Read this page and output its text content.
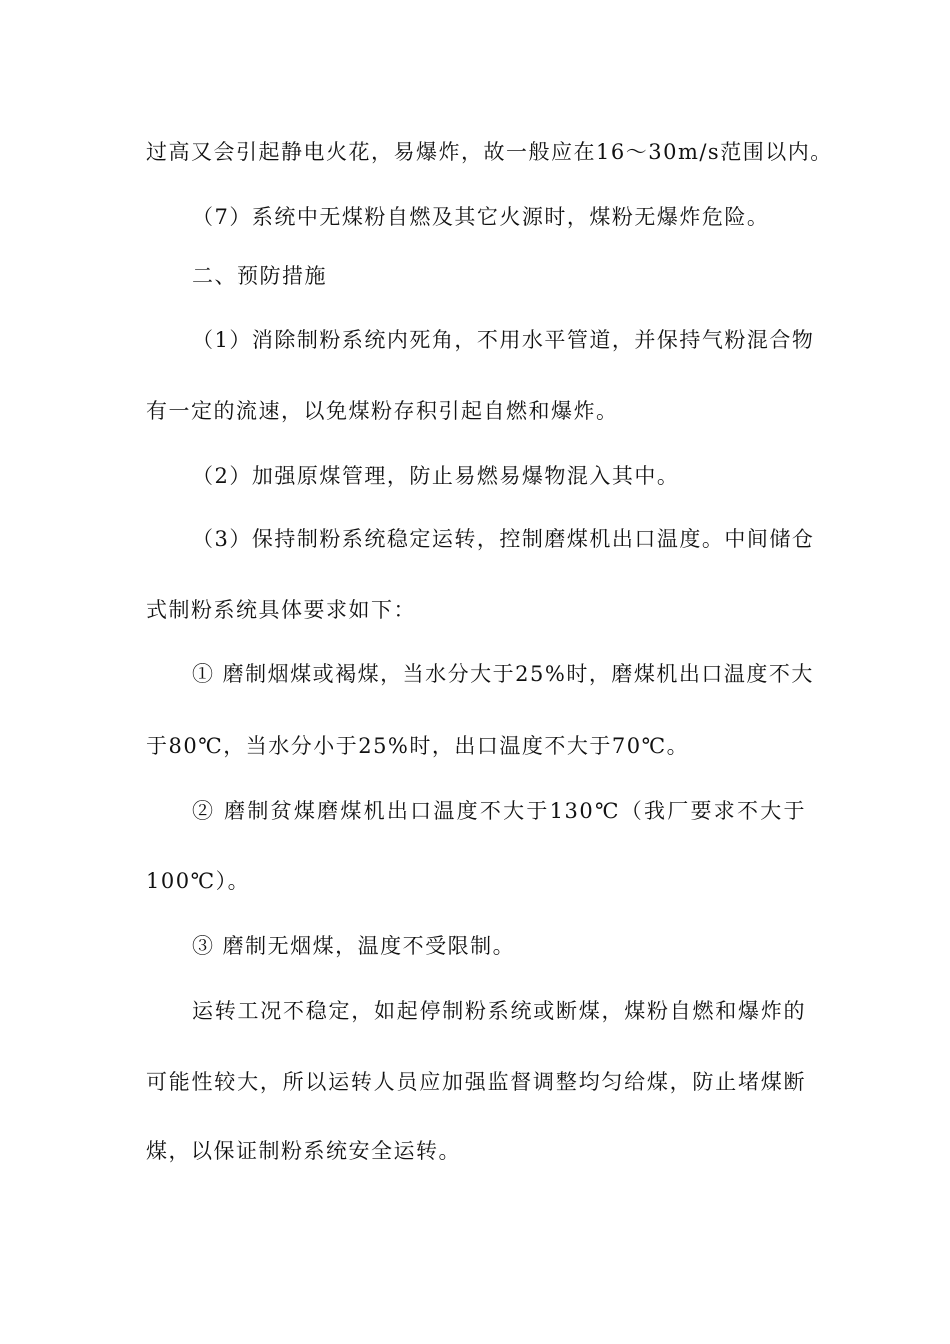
过高又会引起静电火花，易爆炸，故一般应在16～30m/s范围以内。
（7）系统中无煤粉自燃及其它火源时，煤粉无爆炸危险。
二、预防措施
（1）消除制粉系统内死角，不用水平管道，并保持气粉混合物
有一定的流速，以免煤粉存积引起自燃和爆炸。
（2）加强原煤管理，防止易燃易爆物混入其中。
（3）保持制粉系统稳定运转，控制磨煤机出口温度。中间储仓
式制粉系统具体要求如下：
① 磨制烟煤或褐煤，当水分大于25%时，磨煤机出口温度不大
于80℃，当水分小于25%时，出口温度不大于70℃。
② 磨制贫煤磨煤机出口温度不大于130℃（我厂要求不大于
100℃）。
③ 磨制无烟煤，温度不受限制。
运转工况不稳定，如起停制粉系统或断煤，煤粉自燃和爆炸的
可能性较大，所以运转人员应加强监督调整均匀给煤，防止堵煤断
煤，以保证制粉系统安全运转。
